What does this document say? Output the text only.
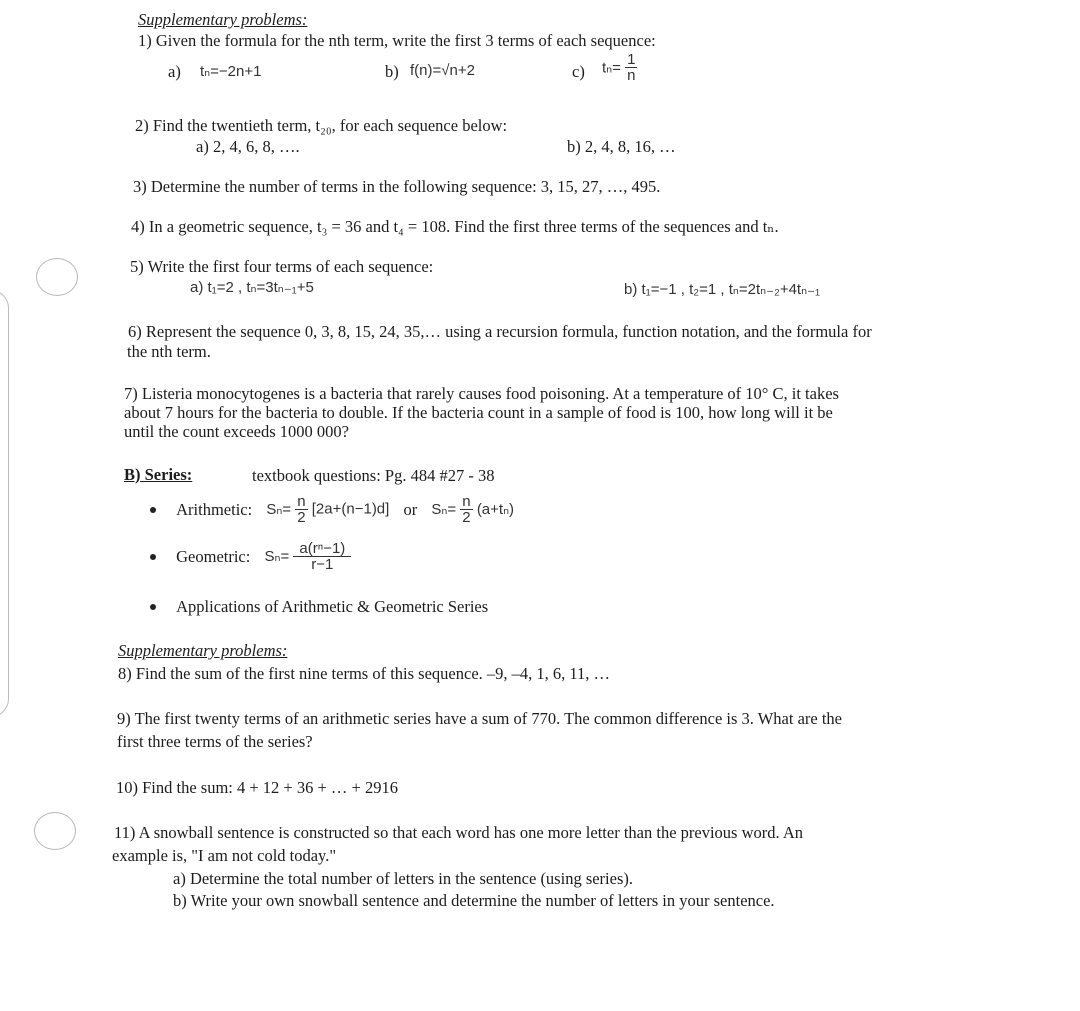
Supplementary problems:
1) Given the formula for the nth term, write the first 3 terms of each sequence:
a) tₙ=−2n+1	b) f(n)=√n+2	c) $t_n= \frac{1}{n}$
2) Find the twentieth term, t₂₀, for each sequence below:
a) 2, 4, 6, 8, ….	b) 2, 4, 8, 16, …
3) Determine the number of terms in the following sequence: 3, 15, 27, …, 495.
4) In a geometric sequence, t₃ = 36 and t₄ = 108. Find the first three terms of the sequences and tₙ.
5) Write the first four terms of each sequence:
a) t₁=2 , tₙ=3tₙ₋₁+5	b) t₁=−1 , t₂=1 , tₙ=2tₙ₋₂+4tₙ₋₁
6) Represent the sequence 0, 3, 8, 15, 24, 35,… using a recursion formula, function notation, and the formula for
the nth term.
7) Listeria monocytogenes is a bacteria that rarely causes food poisoning. At a temperature of 10° C, it takes
about 7 hours for the bacteria to double. If the bacteria count in a sample of food is 100, how long will it be
until the count exceeds 1000 000?
B) Series:	textbook questions: Pg. 484 #27 - 38
Arithmetic: $S_n= \frac{n}{2} [2a+(n-1)d]$ or $S_n= \frac{n}{2} (a+t_n)$
Geometric: $S_n= \frac{\text{a(rⁿ−1)}}{r-1}$
Applications of Arithmetic & Geometric Series
Supplementary problems:
8) Find the sum of the first nine terms of this sequence. –9, –4, 1, 6, 11, …
9) The first twenty terms of an arithmetic series have a sum of 770. The common difference is 3. What are the
first three terms of the series?
10) Find the sum: 4 + 12 + 36 + … + 2916
11) A snowball sentence is constructed so that each word has one more letter than the previous word. An
example is, "I am not cold today."
a) Determine the total number of letters in the sentence (using series).
b) Write your own snowball sentence and determine the number of letters in your sentence.
